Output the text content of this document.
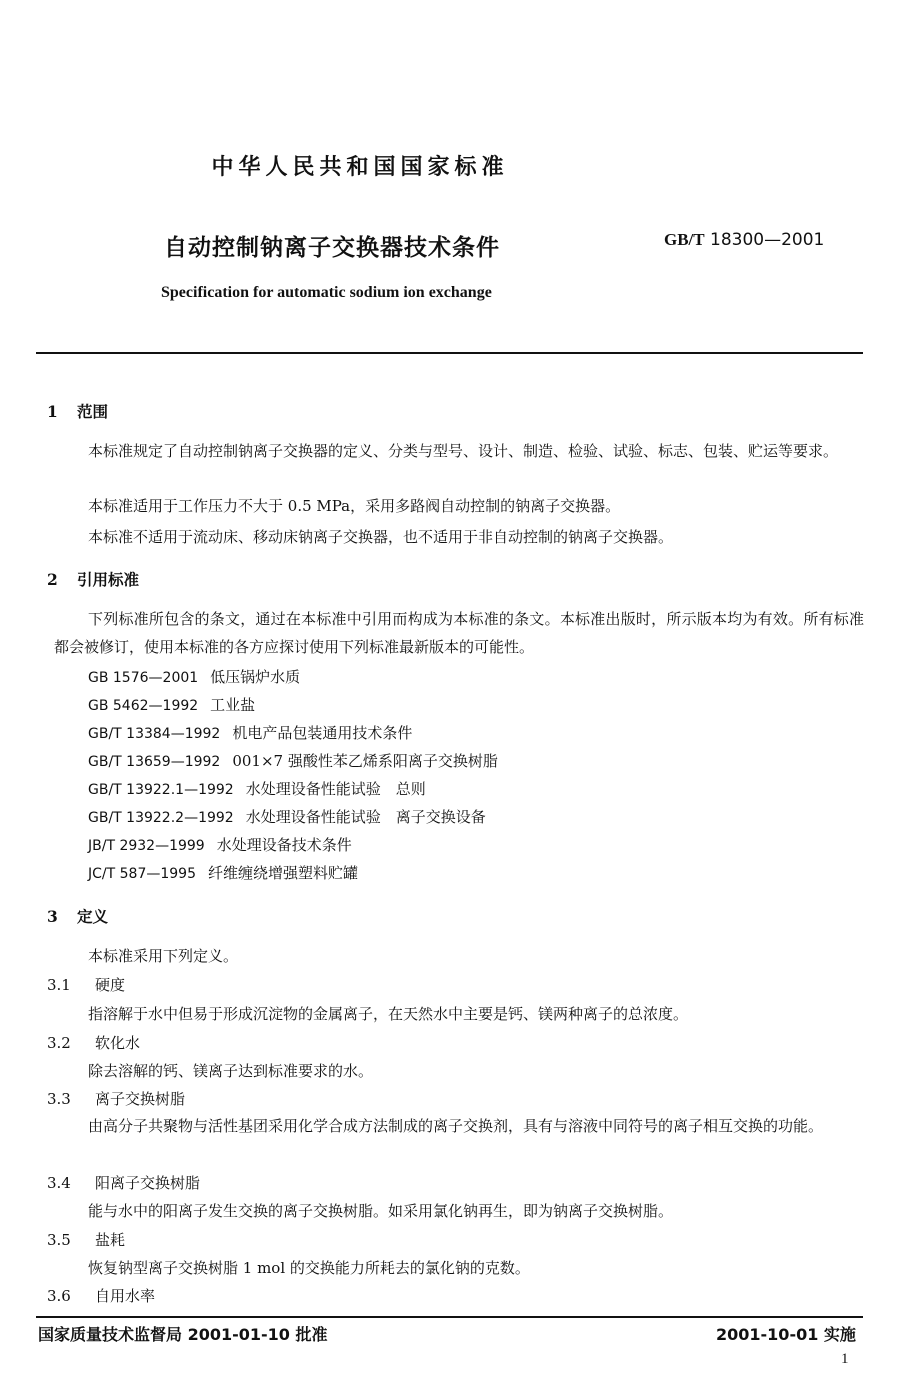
中华人民共和国国家标准
自动控制钠离子交换器技术条件	GB/T 18300—2001
Specification for automatic sodium ion exchange
1 范围
本标准规定了自动控制钠离子交换器的定义、分类与型号、设计、制造、检验、试验、标志、包装、贮运等要求。
本标准适用于工作压力不大于 0.5 MPa，采用多路阀自动控制的钠离子交换器。
本标准不适用于流动床、移动床钠离子交换器，也不适用于非自动控制的钠离子交换器。
2 引用标准
下列标准所包含的条文，通过在本标准中引用而构成为本标准的条文。本标准出版时，所示版本均为有效。所有标准都会被修订，使用本标准的各方应探讨使用下列标准最新版本的可能性。
GB 1576—2001 低压锅炉水质
GB 5462—1992 工业盐
GB/T 13384—1992 机电产品包装通用技术条件
GB/T 13659—1992 001×7 强酸性苯乙烯系阳离子交换树脂
GB/T 13922.1—1992 水处理设备性能试验　总则
GB/T 13922.2—1992 水处理设备性能试验　离子交换设备
JB/T 2932—1999 水处理设备技术条件
JC/T 587—1995 纤维缠绕增强塑料贮罐
3 定义
本标准采用下列定义。
3.1 硬度
指溶解于水中但易于形成沉淀物的金属离子，在天然水中主要是钙、镁两种离子的总浓度。
3.2 软化水
除去溶解的钙、镁离子达到标准要求的水。
3.3 离子交换树脂
由高分子共聚物与活性基团采用化学合成方法制成的离子交换剂，具有与溶液中同符号的离子相互交换的功能。
3.4 阳离子交换树脂
能与水中的阳离子发生交换的离子交换树脂。如采用氯化钠再生，即为钠离子交换树脂。
3.5 盐耗
恢复钠型离子交换树脂 1 mol 的交换能力所耗去的氯化钠的克数。
3.6 自用水率
国家质量技术监督局 2001-01-10 批准	2001-10-01 实施
1
